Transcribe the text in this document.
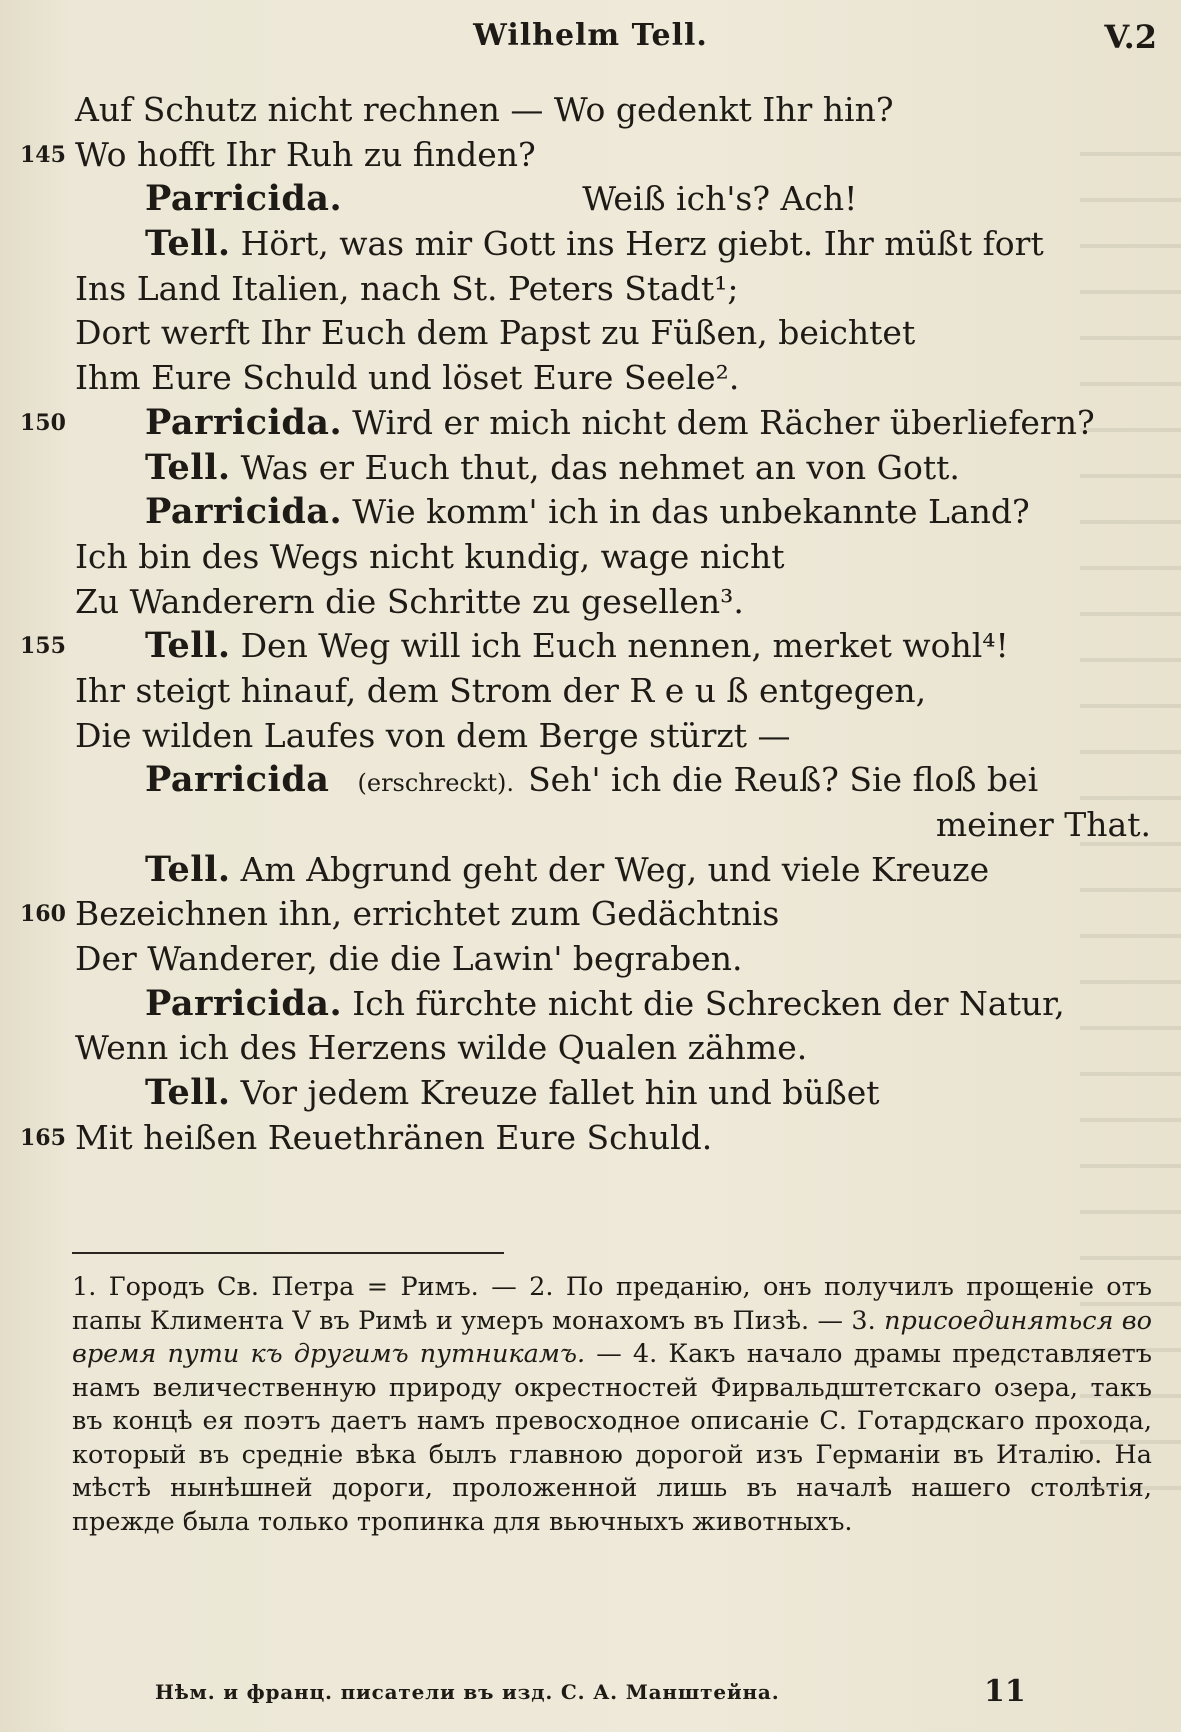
Wilhelm Tell.	V.2
Auf Schutz nicht rechnen — Wo gedenkt Ihr hin?
145 Wo hofft Ihr Ruh zu finden?
Parricida.	Weiß ich's? Ach!
Tell. Hört, was mir Gott ins Herz giebt. Ihr müßt fort
Ins Land Italien, nach St. Peters Stadt¹;
Dort werft Ihr Euch dem Papst zu Füßen, beichtet
Ihm Eure Schuld und löset Eure Seele².
150 Parricida. Wird er mich nicht dem Rächer überliefern?
Tell. Was er Euch thut, das nehmet an von Gott.
Parricida. Wie komm' ich in das unbekannte Land?
Ich bin des Wegs nicht kundig, wage nicht
Zu Wanderern die Schritte zu gesellen³.
155 Tell. Den Weg will ich Euch nennen, merket wohl⁴!
Ihr steigt hinauf, dem Strom der R e u ß entgegen,
Die wilden Laufes von dem Berge stürzt —
Parricida (erschreckt). Seh' ich die Reuß? Sie floß bei
meiner That.
Tell. Am Abgrund geht der Weg, und viele Kreuze
160 Bezeichnen ihn, errichtet zum Gedächtnis
Der Wanderer, die die Lawin' begraben.
Parricida. Ich fürchte nicht die Schrecken der Natur,
Wenn ich des Herzens wilde Qualen zähme.
Tell. Vor jedem Kreuze fallet hin und büßet
165 Mit heißen Reuethränen Eure Schuld.

1. Городъ Св. Петра = Римъ. — 2. По преданію, онъ получилъ прощеніе отъ папы Климента V въ Римѣ и умеръ монахомъ въ Пизѣ. — 3. присоединяться во время пути къ другимъ путникамъ. — 4. Какъ начало драмы представляетъ намъ величественную природу окрестностей Фирвальдштетскаго озера, такъ въ концѣ ея поэтъ даетъ намъ превосходное описаніе С. Готардскаго прохода, который въ средніе вѣка былъ главною дорогой изъ Германіи въ Италію. На мѣстѣ нынѣшней дороги, проложенной лишь въ началѣ нашего столѣтія, прежде была только тропинка для вьючныхъ животныхъ.

Нѣм. и франц. писатели въ изд. С. А. Манштейна.	11
